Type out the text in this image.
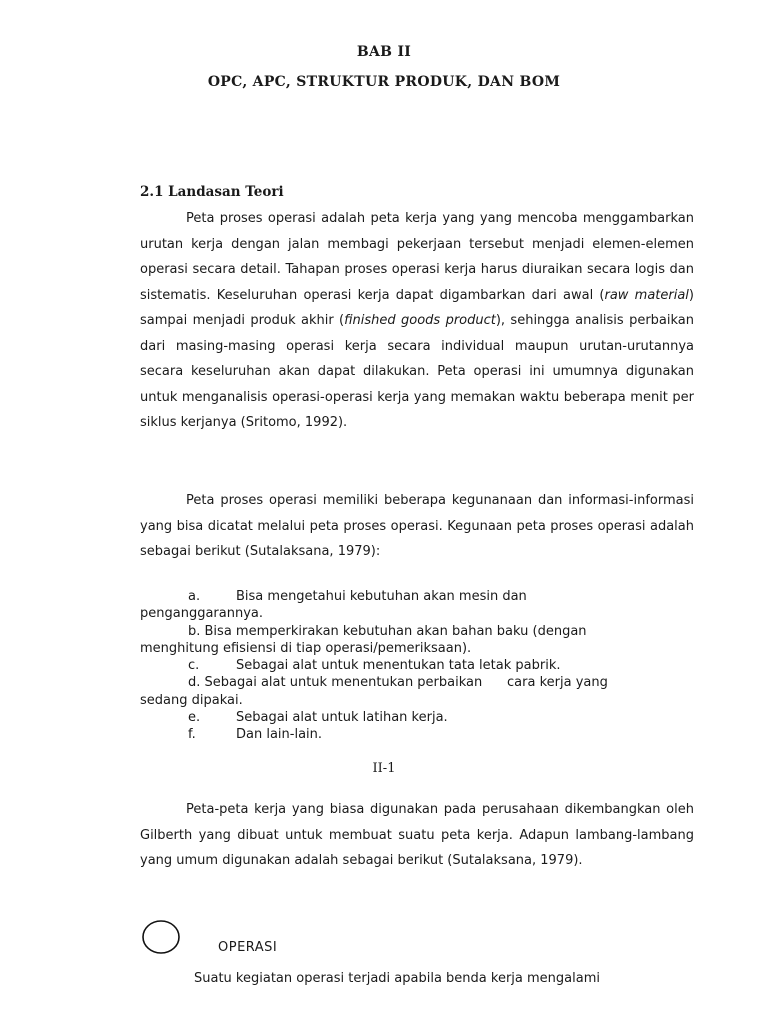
BAB II
OPC, APC, STRUKTUR PRODUK, DAN BOM
2.1 Landasan Teori
Peta proses operasi adalah peta kerja yang yang mencoba menggambarkan urutan kerja dengan jalan membagi pekerjaan tersebut menjadi elemen-elemen operasi secara detail. Tahapan proses operasi kerja harus diuraikan secara logis dan sistematis. Keseluruhan operasi kerja dapat digambarkan dari awal (raw material) sampai menjadi produk akhir (finished goods product), sehingga analisis perbaikan dari masing-masing operasi kerja secara individual maupun urutan-urutannya secara keseluruhan akan dapat dilakukan. Peta operasi ini umumnya digunakan untuk menganalisis operasi-operasi kerja yang memakan waktu beberapa menit per siklus kerjanya (Sritomo, 1992).
Peta proses operasi memiliki beberapa kegunanaan dan informasi-informasi yang bisa dicatat melalui peta proses operasi. Kegunaan peta proses operasi adalah sebagai berikut (Sutalaksana, 1979):
a.	Bisa mengetahui kebutuhan akan mesin dan
penganggarannya.
b. Bisa memperkirakan kebutuhan akan bahan baku (dengan
menghitung efisiensi di tiap operasi/pemeriksaan).
c.	Sebagai alat untuk menentukan tata letak pabrik.
d. Sebagai alat untuk menentukan perbaikan      cara kerja yang
sedang dipakai.
e.	Sebagai alat untuk latihan kerja.
f.	Dan lain-lain.
II-1
Peta-peta kerja yang biasa digunakan pada perusahaan dikembangkan oleh Gilberth yang dibuat untuk membuat suatu peta kerja. Adapun lambang-lambang yang umum digunakan adalah sebagai berikut (Sutalaksana, 1979).
OPERASI
Suatu kegiatan operasi terjadi apabila benda kerja mengalami
